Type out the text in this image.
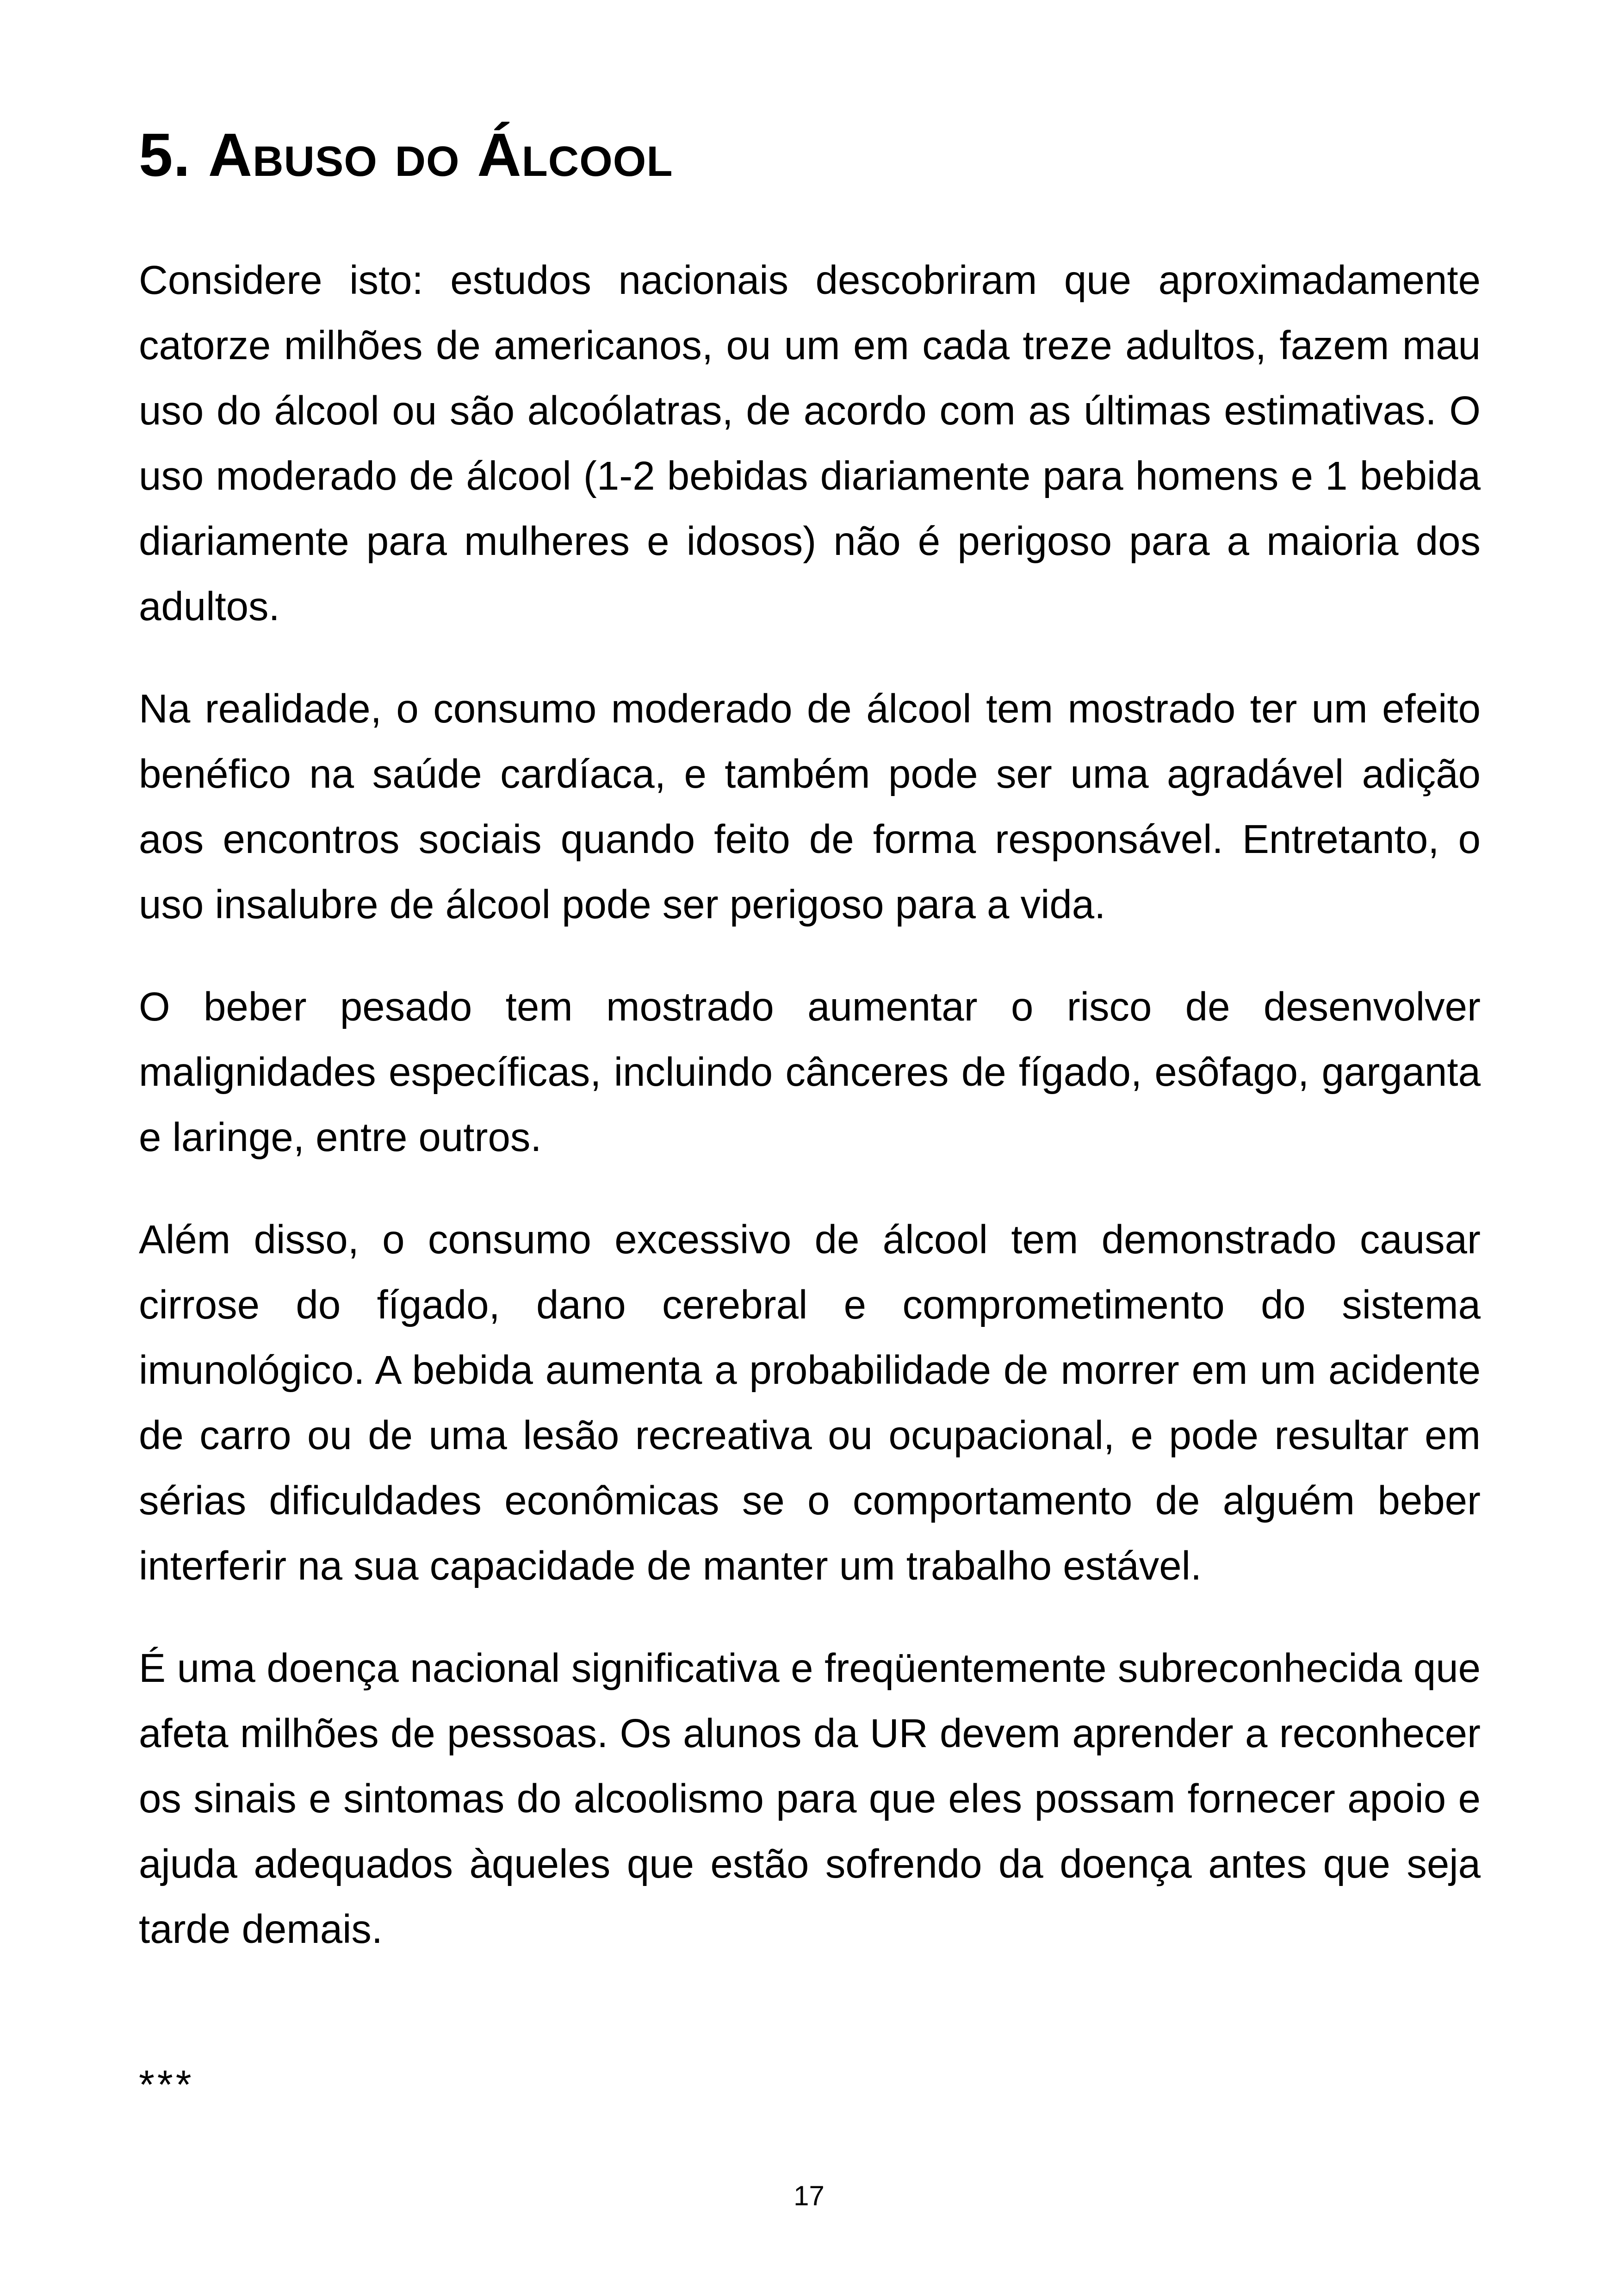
5. Abuso do Álcool

Considere isto: estudos nacionais descobriram que aproximadamente catorze milhões de americanos, ou um em cada treze adultos, fazem mau uso do álcool ou são alcoólatras, de acordo com as últimas estimativas. O uso moderado de álcool (1-2 bebidas diariamente para homens e 1 bebida diariamente para mulheres e idosos) não é perigoso para a maioria dos adultos.

Na realidade, o consumo moderado de álcool tem mostrado ter um efeito benéfico na saúde cardíaca, e também pode ser uma agradável adição aos encontros sociais quando feito de forma responsável. Entretanto, o uso insalubre de álcool pode ser perigoso para a vida.

O beber pesado tem mostrado aumentar o risco de desenvolver malignidades específicas, incluindo cânceres de fígado, esôfago, garganta e laringe, entre outros.

Além disso, o consumo excessivo de álcool tem demonstrado causar cirrose do fígado, dano cerebral e comprometimento do sistema imunológico. A bebida aumenta a probabilidade de morrer em um acidente de carro ou de uma lesão recreativa ou ocupacional, e pode resultar em sérias dificuldades econômicas se o comportamento de alguém beber interferir na sua capacidade de manter um trabalho estável.

É uma doença nacional significativa e freqüentemente subreconhecida que afeta milhões de pessoas. Os alunos da UR devem aprender a reconhecer os sinais e sintomas do alcoolismo para que eles possam fornecer apoio e ajuda adequados àqueles que estão sofrendo da doença antes que seja tarde demais.

***
17
